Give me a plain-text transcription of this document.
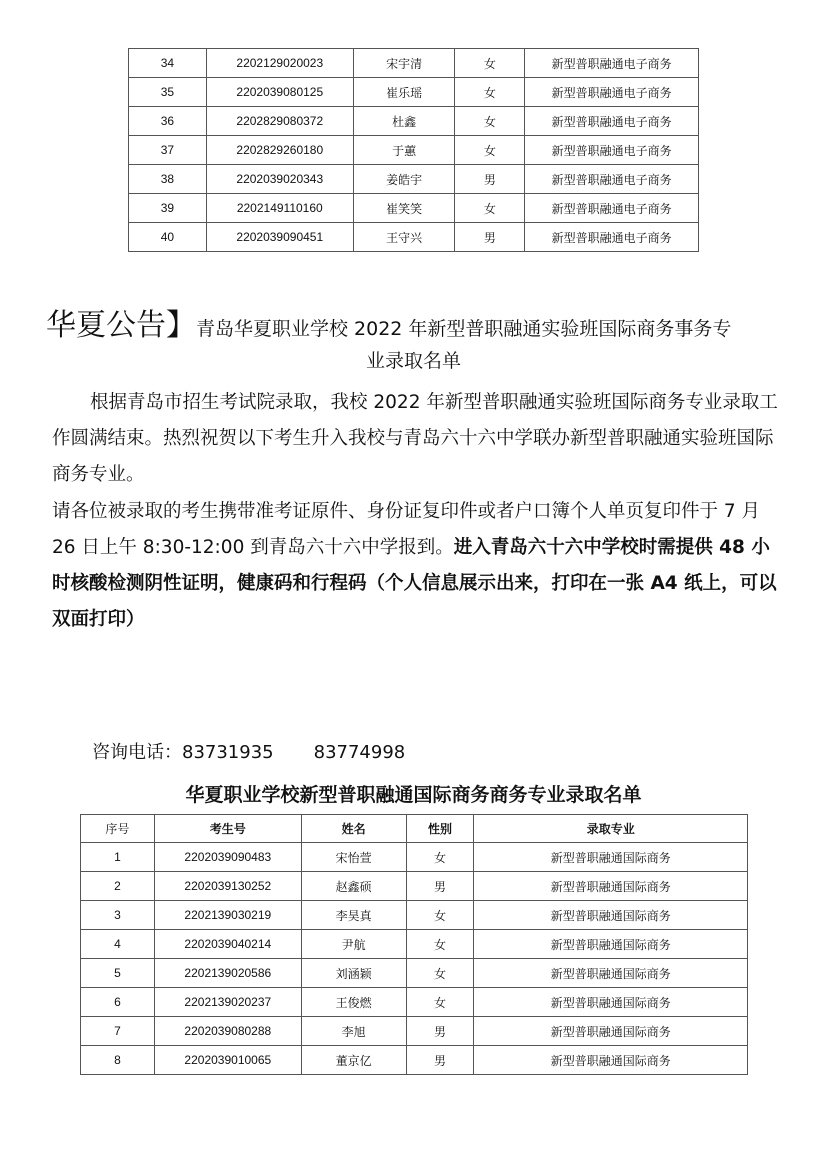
34	2202129020023	宋宇清	女	新型普职融通电子商务
35	2202039080125	崔乐瑶	女	新型普职融通电子商务
36	2202829080372	杜鑫	女	新型普职融通电子商务
37	2202829260180	于蕙	女	新型普职融通电子商务
38	2202039020343	姜皓宇	男	新型普职融通电子商务
39	2202149110160	崔笑笑	女	新型普职融通电子商务
40	2202039090451	王守兴	男	新型普职融通电子商务
华夏公告】青岛华夏职业学校 2022 年新型普职融通实验班国际商务事务专
业录取名单
根据青岛市招生考试院录取，我校 2022 年新型普职融通实验班国际商务专业录取工作圆满结束。热烈祝贺以下考生升入我校与青岛六十六中学联办新型普职融通实验班国际商务专业。
请各位被录取的考生携带准考证原件、身份证复印件或者户口簿个人单页复印件于 7 月 26 日上午 8:30-12:00 到青岛六十六中学报到。进入青岛六十六中学校时需提供 48 小时核酸检测阴性证明，健康码和行程码（个人信息展示出来，打印在一张 A4 纸上，可以双面打印）
咨询电话：83731935 83774998
华夏职业学校新型普职融通国际商务商务专业录取名单
序号	考生号	姓名	性别	录取专业
1	2202039090483	宋怡萱	女	新型普职融通国际商务
2	2202039130252	赵鑫硕	男	新型普职融通国际商务
3	2202139030219	李昊真	女	新型普职融通国际商务
4	2202039040214	尹航	女	新型普职融通国际商务
5	2202139020586	刘涵颖	女	新型普职融通国际商务
6	2202139020237	王俊燃	女	新型普职融通国际商务
7	2202039080288	李旭	男	新型普职融通国际商务
8	2202039010065	董京亿	男	新型普职融通国际商务
